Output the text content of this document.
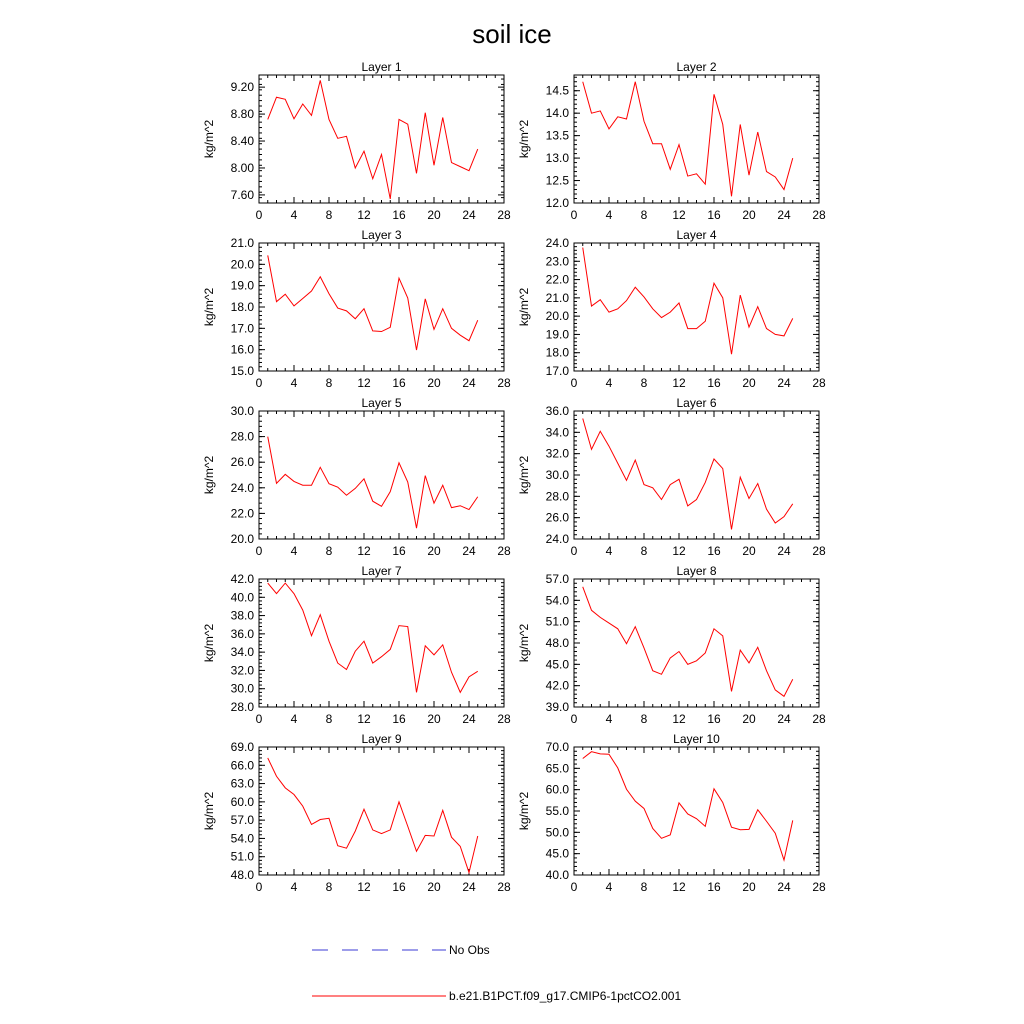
soil ice
Layer 1
kg/m^2
0 4 8 12 16 20 24 28
7.60
8.00
8.40
8.80
9.20
Layer 2
kg/m^2
0 4 8 12 16 20 24 28
12.0
12.5
13.0
13.5
14.0
14.5
Layer 3
kg/m^2
0 4 8 12 16 20 24 28
15.0
16.0
17.0
18.0
19.0
20.0
21.0
Layer 4
kg/m^2
0 4 8 12 16 20 24 28
17.0
18.0
19.0
20.0
21.0
22.0
23.0
24.0
Layer 5
kg/m^2
0 4 8 12 16 20 24 28
20.0
22.0
24.0
26.0
28.0
30.0
Layer 6
kg/m^2
0 4 8 12 16 20 24 28
24.0
26.0
28.0
30.0
32.0
34.0
36.0
Layer 7
kg/m^2
0 4 8 12 16 20 24 28
28.0
30.0
32.0
34.0
36.0
38.0
40.0
42.0
Layer 8
kg/m^2
0 4 8 12 16 20 24 28
39.0
42.0
45.0
48.0
51.0
54.0
57.0
Layer 9
kg/m^2
0 4 8 12 16 20 24 28
48.0
51.0
54.0
57.0
60.0
63.0
66.0
69.0
Layer 10
kg/m^2
0 4 8 12 16 20 24 28
40.0
45.0
50.0
55.0
60.0
65.0
70.0
No Obs
b.e21.B1PCT.f09_g17.CMIP6-1pctCO2.001
